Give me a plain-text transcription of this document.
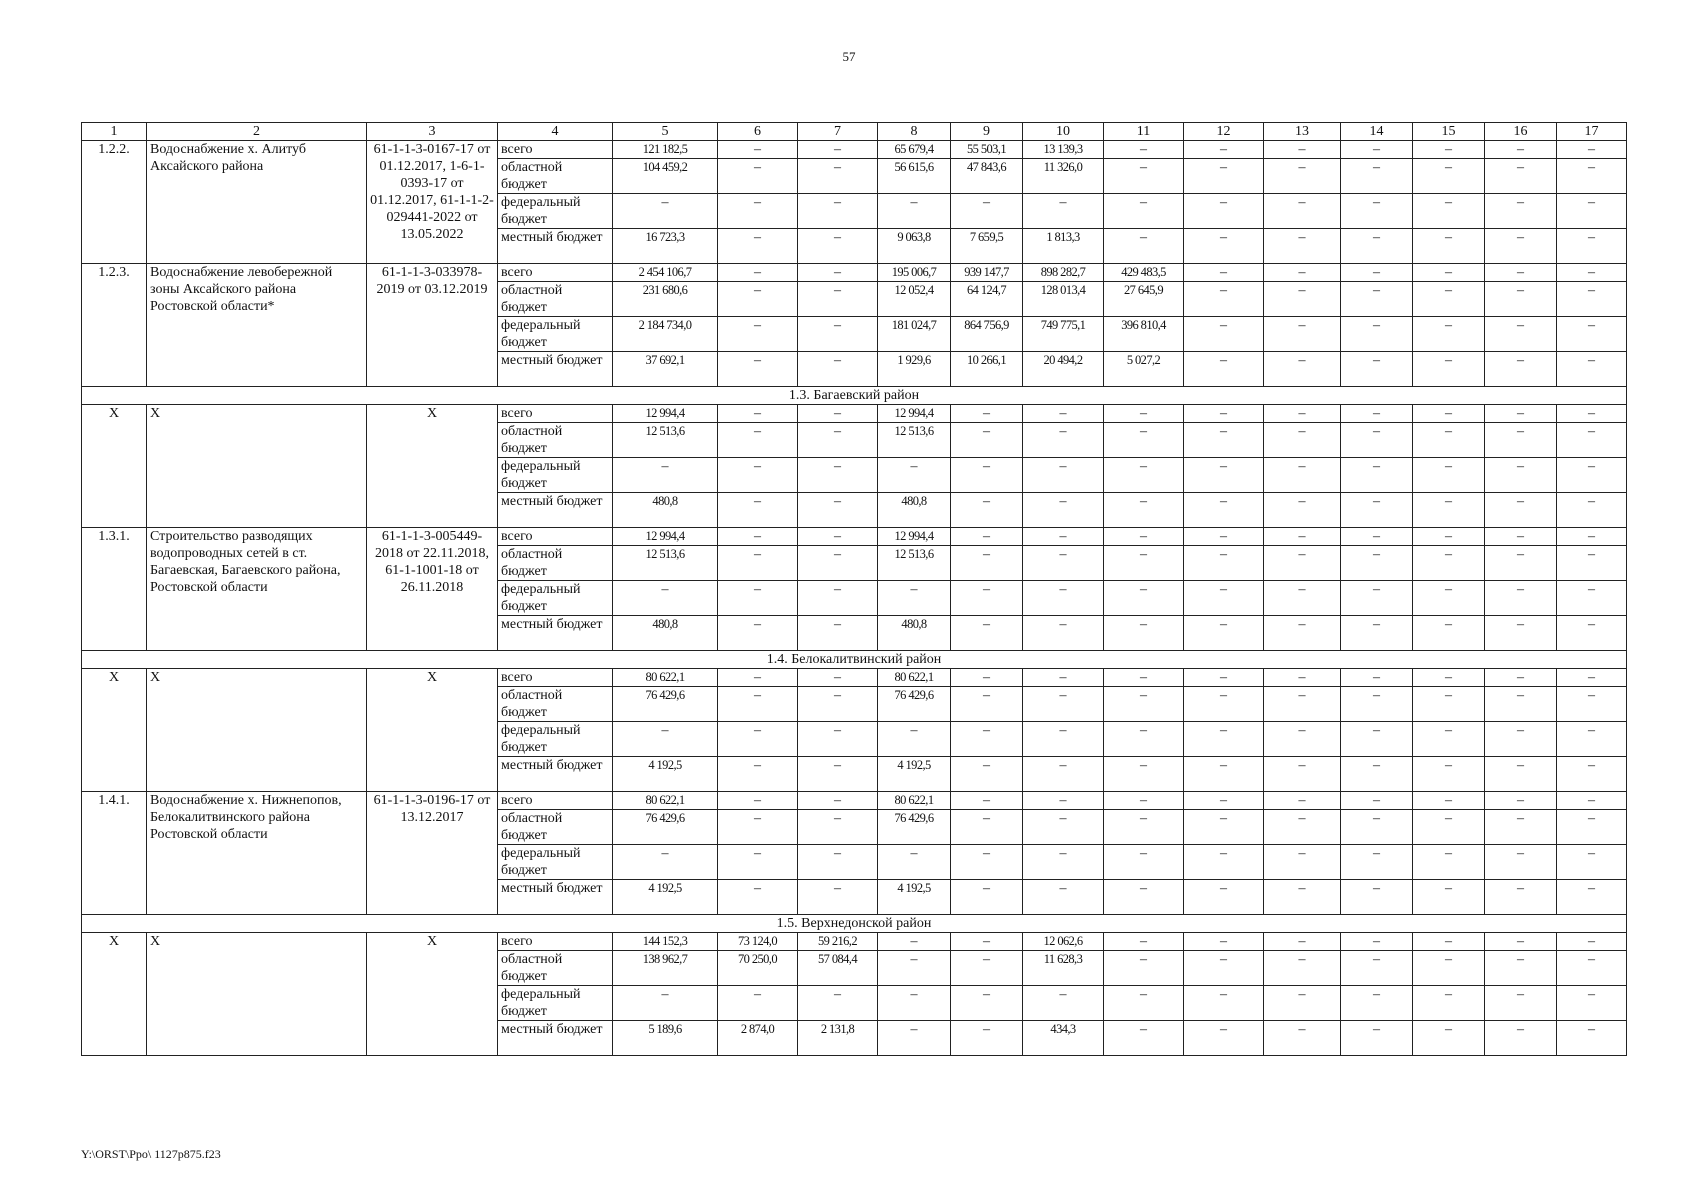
57
1	2	3	4	5	6	7	8	9	10	11	12	13	14	15	16	17
1.2.2.	Водоснабжение х. Алитуб Аксайского района	61-1-1-3-0167-17 от 01.12.2017, 1-6-1-0393-17 от 01.12.2017, 61-1-1-2-029441-2022 от 13.05.2022	всего	121 182,5	–	–	65 679,4	55 503,1	13 139,3	–	–	–	–	–	–	–
			областной бюджет	104 459,2	–	–	56 615,6	47 843,6	11 326,0	–	–	–	–	–	–	–
			федеральный бюджет	–	–	–	–	–	–	–	–	–	–	–	–	–
			местный бюджет	16 723,3	–	–	9 063,8	7 659,5	1 813,3	–	–	–	–	–	–	–
1.2.3.	Водоснабжение левобережной зоны Аксайского района Ростовской области*	61-1-1-3-033978-2019 от 03.12.2019	всего	2 454 106,7	–	–	195 006,7	939 147,7	898 282,7	429 483,5	–	–	–	–	–	–
			областной бюджет	231 680,6	–	–	12 052,4	64 124,7	128 013,4	27 645,9	–	–	–	–	–	–
			федеральный бюджет	2 184 734,0	–	–	181 024,7	864 756,9	749 775,1	396 810,4	–	–	–	–	–	–
			местный бюджет	37 692,1	–	–	1 929,6	10 266,1	20 494,2	5 027,2	–	–	–	–	–	–
1.3. Багаевский район																
Х	Х	Х	всего	12 994,4	–	–	12 994,4	–	–	–	–	–	–	–	–	–
			областной бюджет	12 513,6	–	–	12 513,6	–	–	–	–	–	–	–	–	–
			федеральный бюджет	–	–	–	–	–	–	–	–	–	–	–	–	–
			местный бюджет	480,8	–	–	480,8	–	–	–	–	–	–	–	–	–
1.3.1.	Строительство разводящих водопроводных сетей в ст. Багаевская, Багаевского района, Ростовской области	61-1-1-3-005449-2018 от 22.11.2018, 61-1-1001-18 от 26.11.2018	всего	12 994,4	–	–	12 994,4	–	–	–	–	–	–	–	–	–
			областной бюджет	12 513,6	–	–	12 513,6	–	–	–	–	–	–	–	–	–
			федеральный бюджет	–	–	–	–	–	–	–	–	–	–	–	–	–
			местный бюджет	480,8	–	–	480,8	–	–	–	–	–	–	–	–	–
1.4. Белокалитвинский район																
Х	Х	Х	всего	80 622,1	–	–	80 622,1	–	–	–	–	–	–	–	–	–
			областной бюджет	76 429,6	–	–	76 429,6	–	–	–	–	–	–	–	–	–
			федеральный бюджет	–	–	–	–	–	–	–	–	–	–	–	–	–
			местный бюджет	4 192,5	–	–	4 192,5	–	–	–	–	–	–	–	–	–
1.4.1.	Водоснабжение х. Нижнепопов, Белокалитвинского района Ростовской области	61-1-1-3-0196-17 от 13.12.2017	всего	80 622,1	–	–	80 622,1	–	–	–	–	–	–	–	–	–
			областной бюджет	76 429,6	–	–	76 429,6	–	–	–	–	–	–	–	–	–
			федеральный бюджет	–	–	–	–	–	–	–	–	–	–	–	–	–
			местный бюджет	4 192,5	–	–	4 192,5	–	–	–	–	–	–	–	–	–
1.5. Верхнедонской район																
Х	Х	Х	всего	144 152,3	73 124,0	59 216,2	–	–	12 062,6	–	–	–	–	–	–	–
			областной бюджет	138 962,7	70 250,0	57 084,4	–	–	11 628,3	–	–	–	–	–	–	–
			федеральный бюджет	–	–	–	–	–	–	–	–	–	–	–	–	–
			местный бюджет	5 189,6	2 874,0	2 131,8	–	–	434,3	–	–	–	–	–	–	–
Y:\ORST\Ppo\ 1127p875.f23
